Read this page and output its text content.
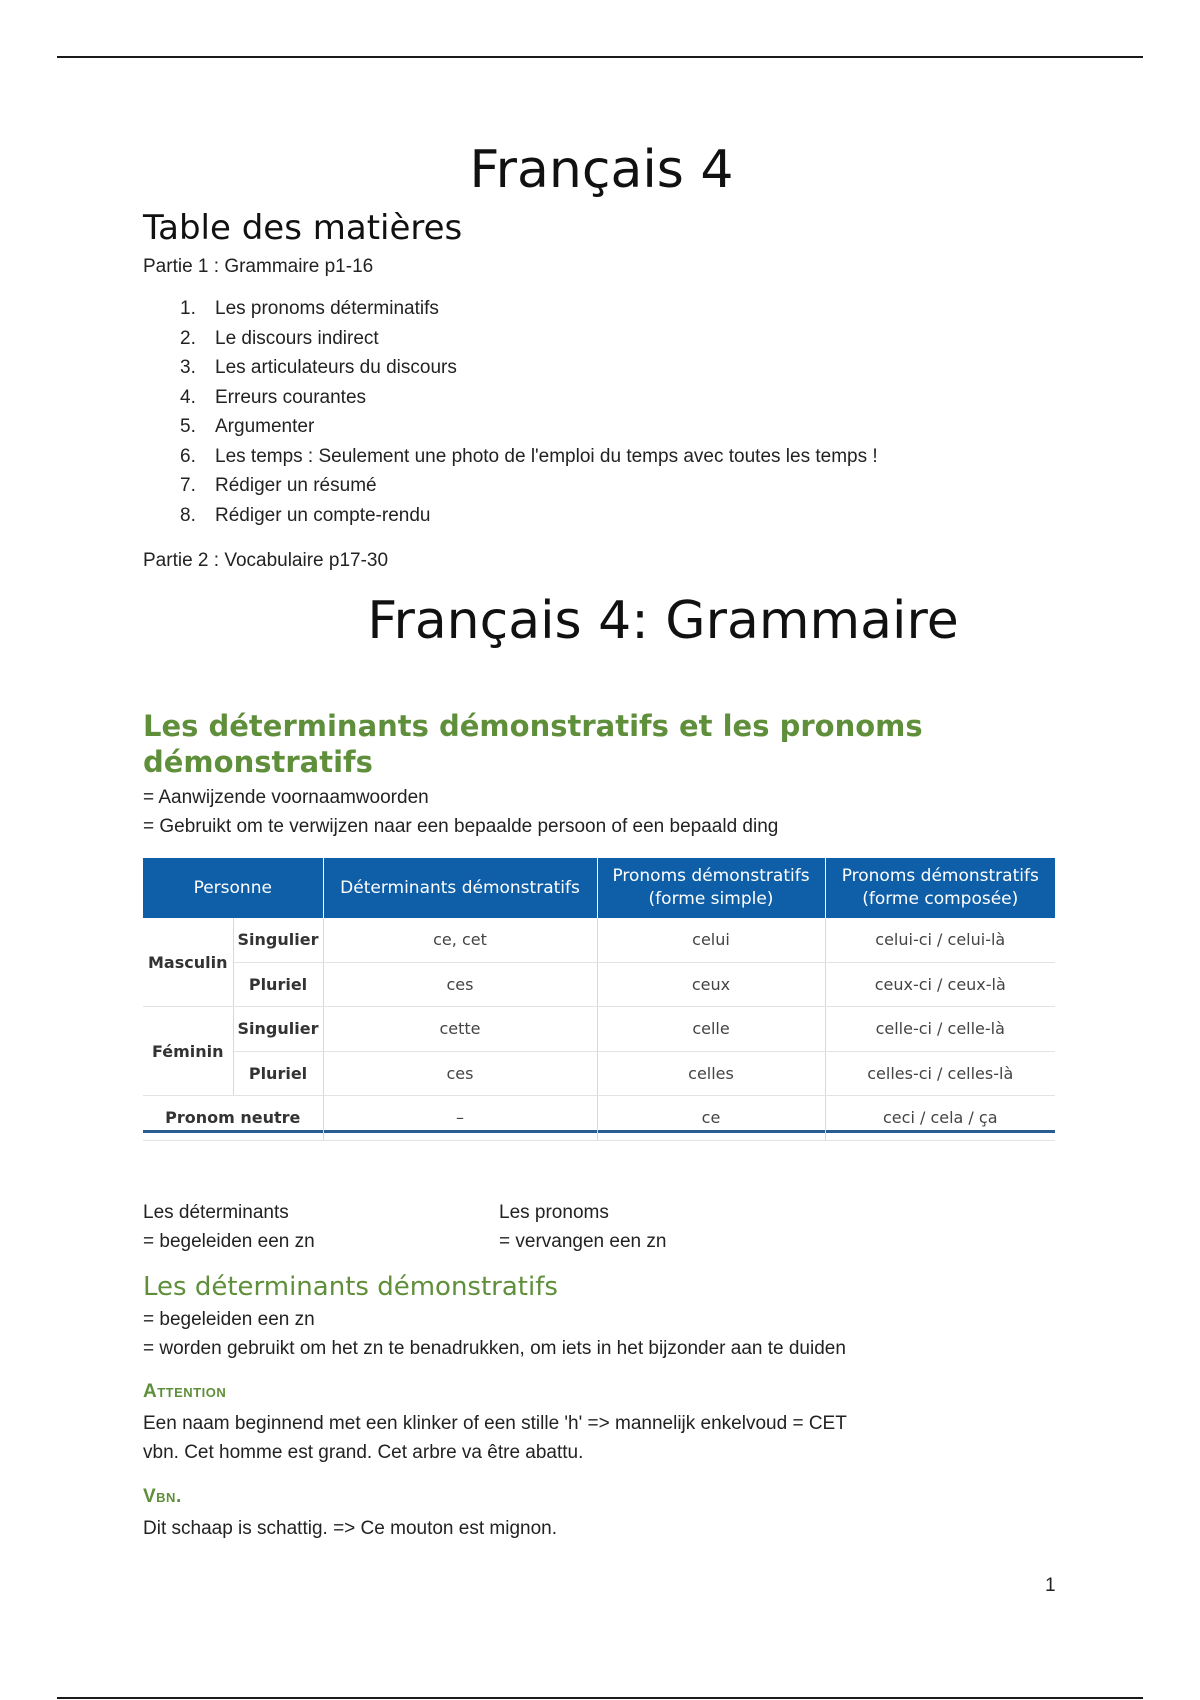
Français 4
Table des matières
Partie 1 : Grammaire p1-16
1. Les pronoms déterminatifs
2. Le discours indirect
3. Les articulateurs du discours
4. Erreurs courantes
5. Argumenter
6. Les temps : Seulement une photo de l'emploi du temps avec toutes les temps !
7. Rédiger un résumé
8. Rédiger un compte-rendu
Partie 2 : Vocabulaire p17-30
Français 4: Grammaire
Les déterminants démonstratifs et les pronoms démonstratifs
= Aanwijzende voornaamwoorden
= Gebruikt om te verwijzen naar een bepaalde persoon of een bepaald ding
Personne		Déterminants démonstratifs	Pronoms démonstratifs (forme simple)	Pronoms démonstratifs (forme composée)
Masculin	Singulier	ce, cet	celui	celui-ci / celui-là
	Pluriel	ces	ceux	ceux-ci / ceux-là
Féminin	Singulier	cette	celle	celle-ci / celle-là
	Pluriel	ces	celles	celles-ci / celles-là
Pronom neutre		–	ce	ceci / cela / ça
Les déterminants
= begeleiden een zn
Les pronoms
= vervangen een zn
Les déterminants démonstratifs
= begeleiden een zn
= worden gebruikt om het zn te benadrukken, om iets in het bijzonder aan te duiden
Attention
Een naam beginnend met een klinker of een stille 'h' => mannelijk enkelvoud = CET
vbn. Cet homme est grand. Cet arbre va être abattu.
Vbn.
Dit schaap is schattig. => Ce mouton est mignon.
1
